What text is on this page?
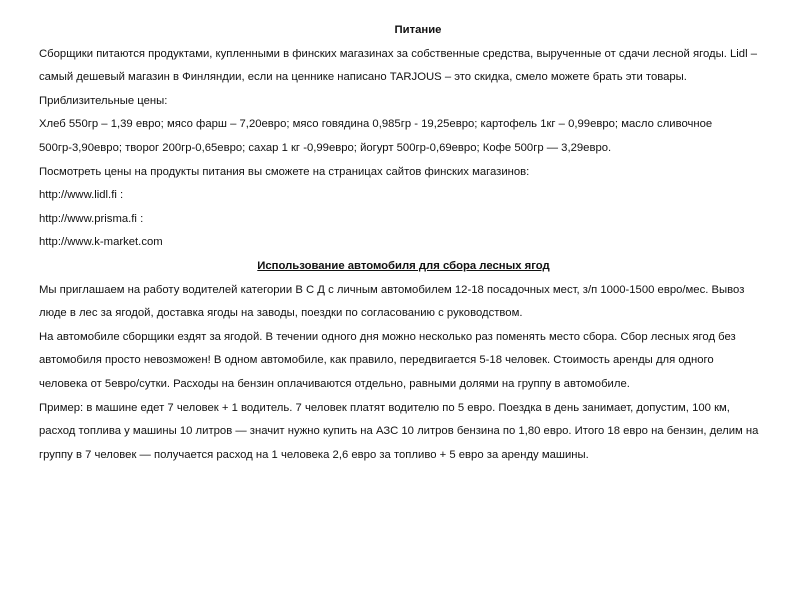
Питание

Сборщики питаются продуктами, купленными в финских магазинах за собственные средства, вырученные от сдачи лесной ягоды. Lidl – самый дешевый магазин в Финляндии, если на ценнике написано TARJOUS – это скидка, смело можете брать эти товары.

Приблизительные цены:

Хлеб 550гр – 1,39 евро; мясо фарш – 7,20евро; мясо говядина 0,985гр - 19,25евро; картофель 1кг – 0,99евро; масло сливочное 500гр-3,90евро; творог 200гр-0,65евро; сахар 1 кг -0,99евро; йогурт 500гр-0,69евро; Кофе 500гр — 3,29евро.

Посмотреть цены на продукты питания вы сможете на страницах сайтов финских магазинов:

http://www.lidl.fi :
http://www.prisma.fi :
http://www.k-market.com

Использование автомобиля для сбора лесных ягод

Мы приглашаем на работу водителей категории В С Д с личным автомобилем 12-18 посадочных мест, з/п 1000-1500 евро/мес. Вывоз люде в лес за ягодой, доставка ягоды на заводы, поездки по согласованию с руководством.

На автомобиле сборщики ездят за ягодой. В течении одного дня можно несколько раз поменять место сбора. Сбор лесных ягод без автомобиля просто невозможен! В одном автомобиле, как правило, передвигается 5-18 человек. Стоимость аренды для одного человека от 5евро/сутки. Расходы на бензин оплачиваются отдельно, равными долями на группу в автомобиле.

Пример: в машине едет 7 человек + 1 водитель. 7 человек платят водителю по 5 евро. Поездка в день занимает, допустим, 100 км, расход топлива у машины 10 литров — значит нужно купить на АЗС 10 литров бензина по 1,80 евро. Итого 18 евро на бензин, делим на группу в 7 человек — получается расход на 1 человека 2,6 евро за топливо + 5 евро за аренду машины.
